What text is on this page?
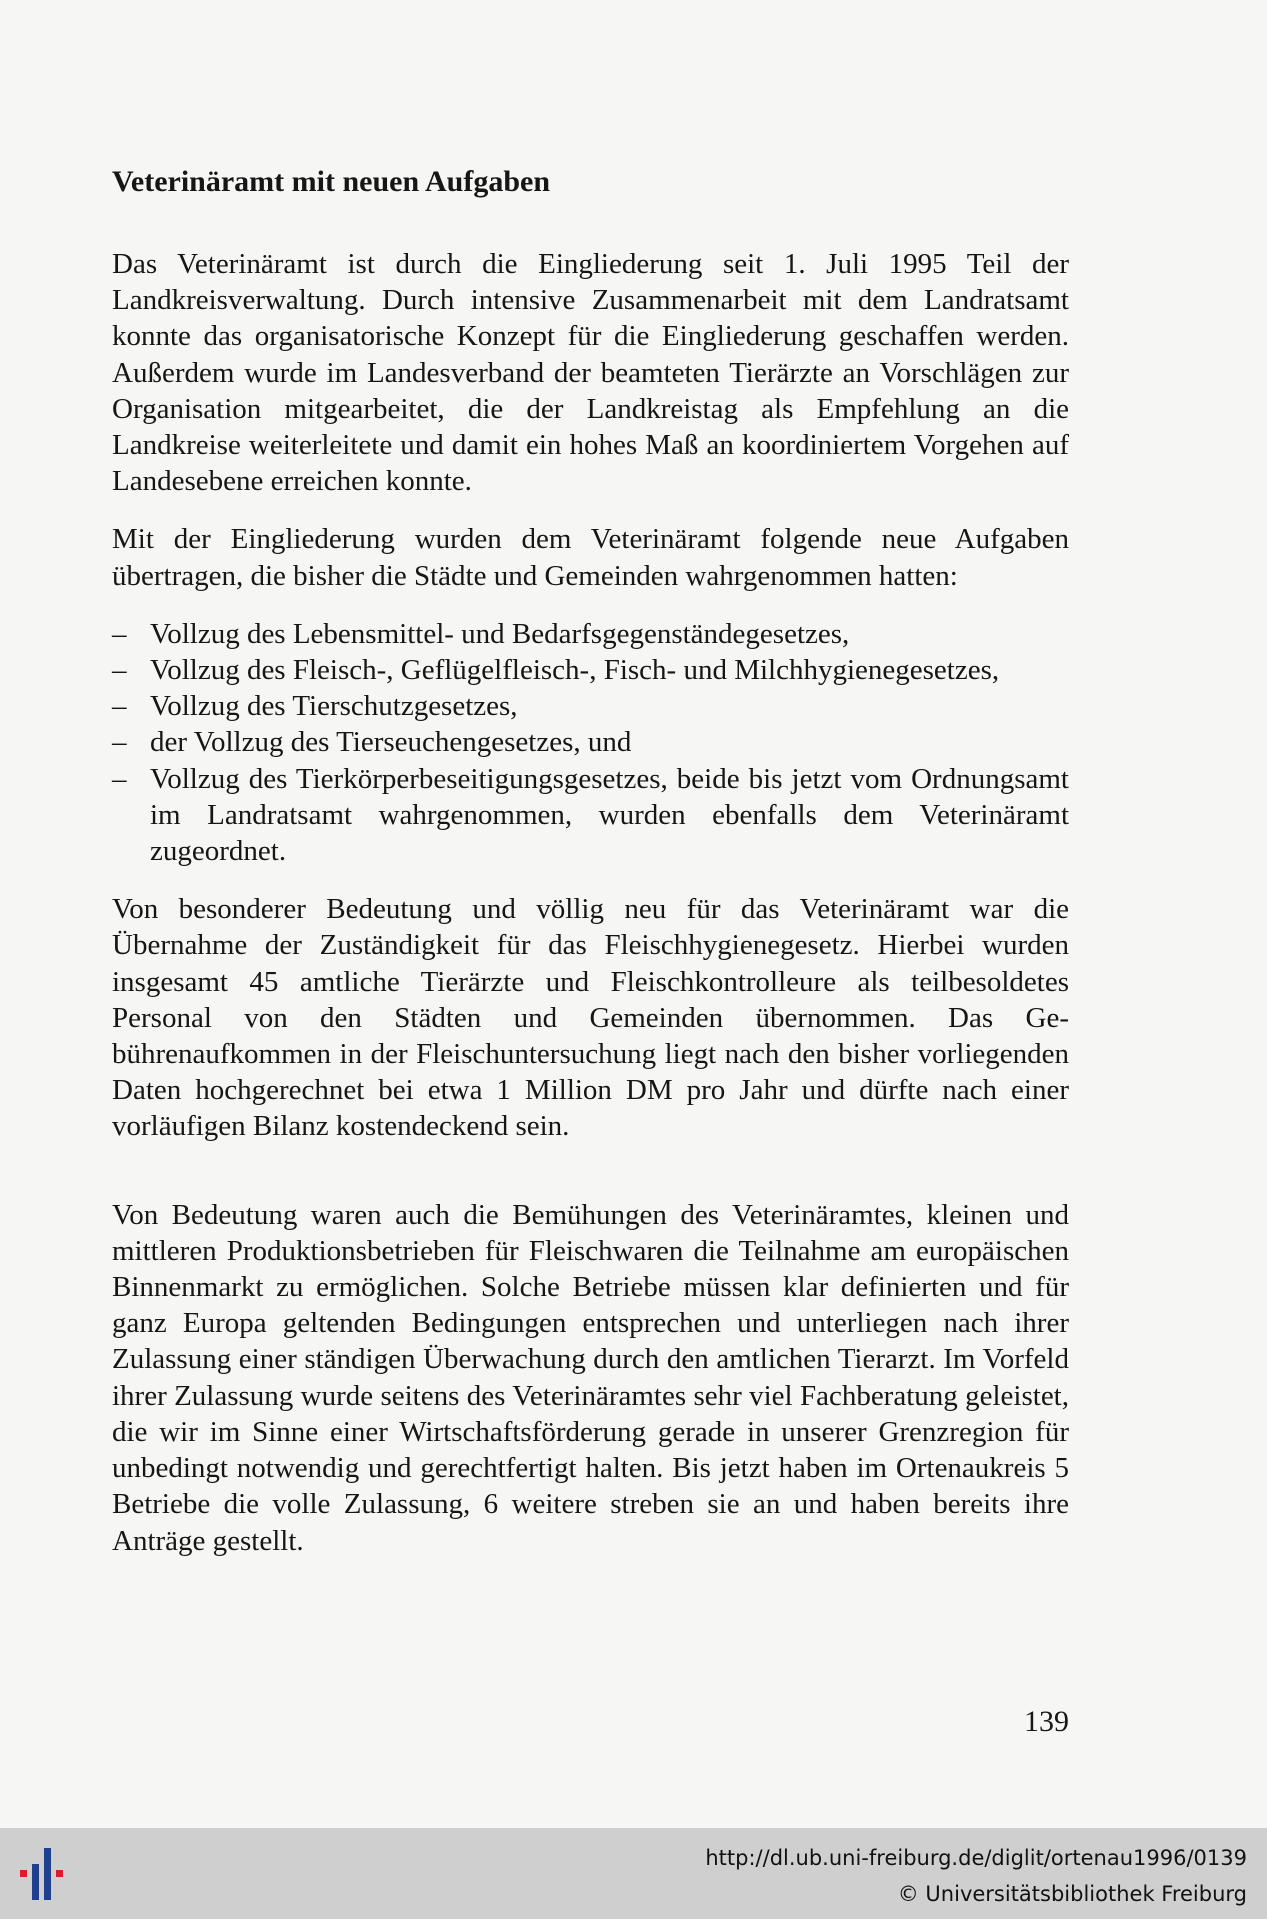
Veterinäramt mit neuen Aufgaben

Das Veterinäramt ist durch die Eingliederung seit 1. Juli 1995 Teil der Landkreisverwaltung. Durch intensive Zusammenarbeit mit dem Landratsamt konnte das organisatorische Konzept für die Eingliederung geschaffen werden. Außerdem wurde im Landesverband der beamteten Tierärzte an Vorschlägen zur Organisation mitgearbeitet, die der Landkreistag als Empfehlung an die Landkreise weiterleitete und damit ein hohes Maß an koordiniertem Vorgehen auf Landesebene erreichen konnte.

Mit der Eingliederung wurden dem Veterinäramt folgende neue Aufgaben übertragen, die bisher die Städte und Gemeinden wahrgenommen hatten:

– Vollzug des Lebensmittel- und Bedarfsgegenständegesetzes,
– Vollzug des Fleisch-, Geflügelfleisch-, Fisch- und Milchhygienegesetzes,
– Vollzug des Tierschutzgesetzes,
– der Vollzug des Tierseuchengesetzes, und
– Vollzug des Tierkörperbeseitigungsgesetzes, beide bis jetzt vom Ordnungsamt im Landratsamt wahrgenommen, wurden ebenfalls dem Veterinäramt zugeordnet.

Von besonderer Bedeutung und völlig neu für das Veterinäramt war die Übernahme der Zuständigkeit für das Fleischhygienegesetz. Hierbei wurden insgesamt 45 amtliche Tierärzte und Fleischkontrolleure als teilbesoldetes Personal von den Städten und Gemeinden übernommen. Das Gebührenaufkommen in der Fleischuntersuchung liegt nach den bisher vorliegenden Daten hochgerechnet bei etwa 1 Million DM pro Jahr und dürfte nach einer vorläufigen Bilanz kostendeckend sein.

Von Bedeutung waren auch die Bemühungen des Veterinäramtes, kleinen und mittleren Produktionsbetrieben für Fleischwaren die Teilnahme am europäischen Binnenmarkt zu ermöglichen. Solche Betriebe müssen klar definierten und für ganz Europa geltenden Bedingungen entsprechen und unterliegen nach ihrer Zulassung einer ständigen Überwachung durch den amtlichen Tierarzt. Im Vorfeld ihrer Zulassung wurde seitens des Veterinäramtes sehr viel Fachberatung geleistet, die wir im Sinne einer Wirtschaftsförderung gerade in unserer Grenzregion für unbedingt notwendig und gerechtfertigt halten. Bis jetzt haben im Ortenaukreis 5 Betriebe die volle Zulassung, 6 weitere streben sie an und haben bereits ihre Anträge gestellt.

139
http://dl.ub.uni-freiburg.de/diglit/ortenau1996/0139
© Universitätsbibliothek Freiburg
